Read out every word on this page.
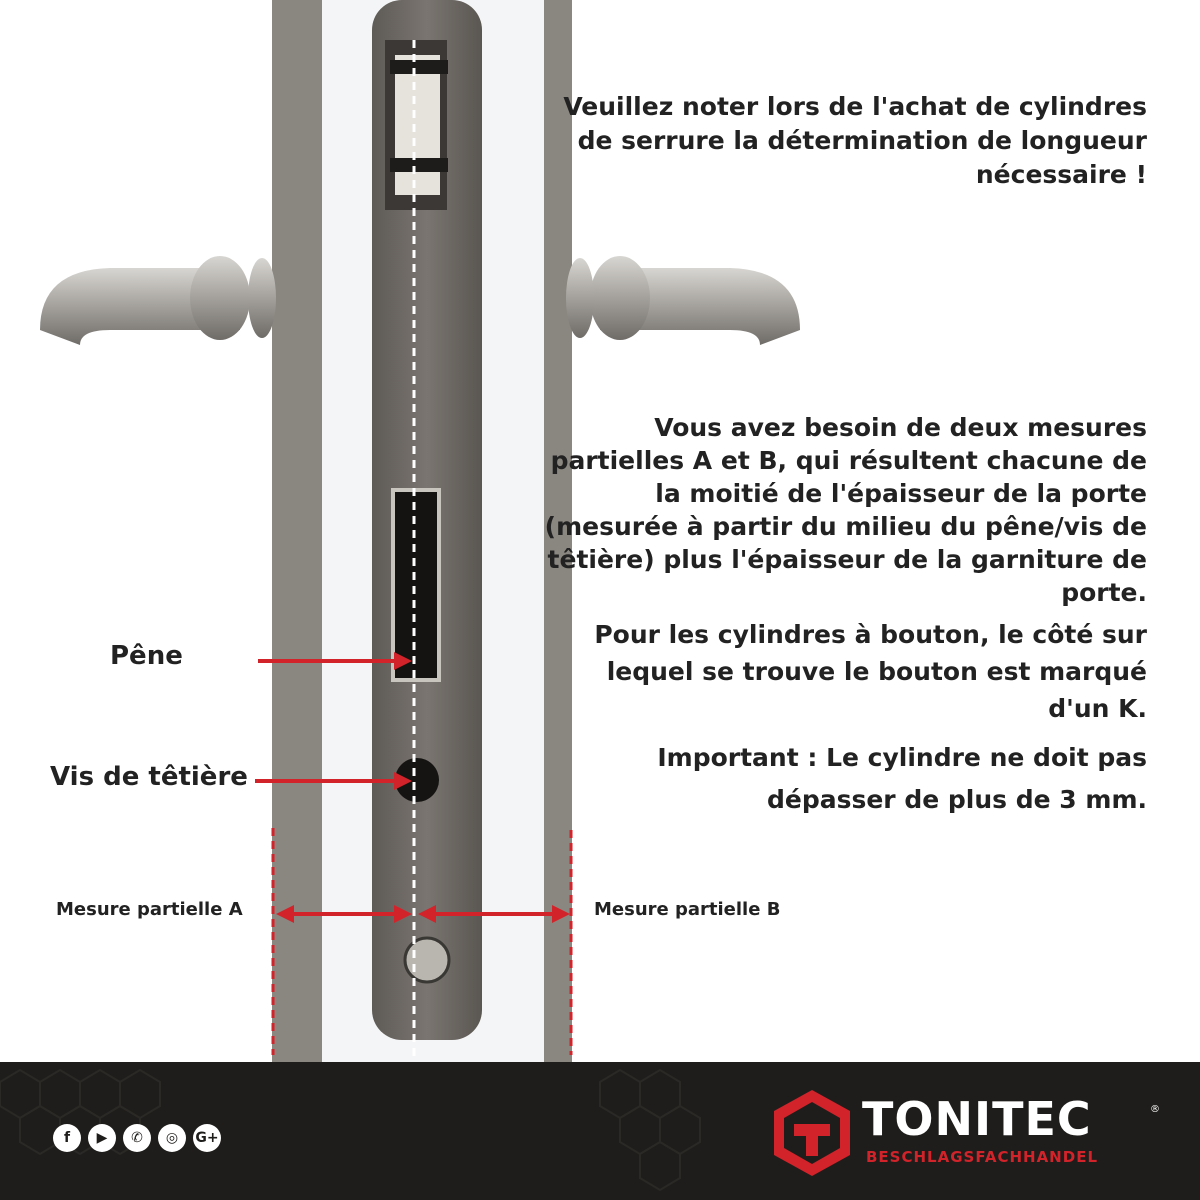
Veuillez noter lors de l'achat de cylindres de serrure la détermination de longueur nécessaire !
Vous avez besoin de deux mesures partielles A et B, qui résultent chacune de la moitié de l'épaisseur de la porte (mesurée à partir du milieu du pêne/vis de têtière) plus l'épaisseur de la garniture de porte.
Pour les cylindres à bouton, le côté sur lequel se trouve le bouton est marqué d'un K.
Important : Le cylindre ne doit pas dépasser de plus de 3 mm.
Pêne
Vis de têtière
Mesure partielle A	Mesure partielle B
f	▶	✆	◎	G+	TONITEC	®
BESCHLAGSFACHHANDEL
